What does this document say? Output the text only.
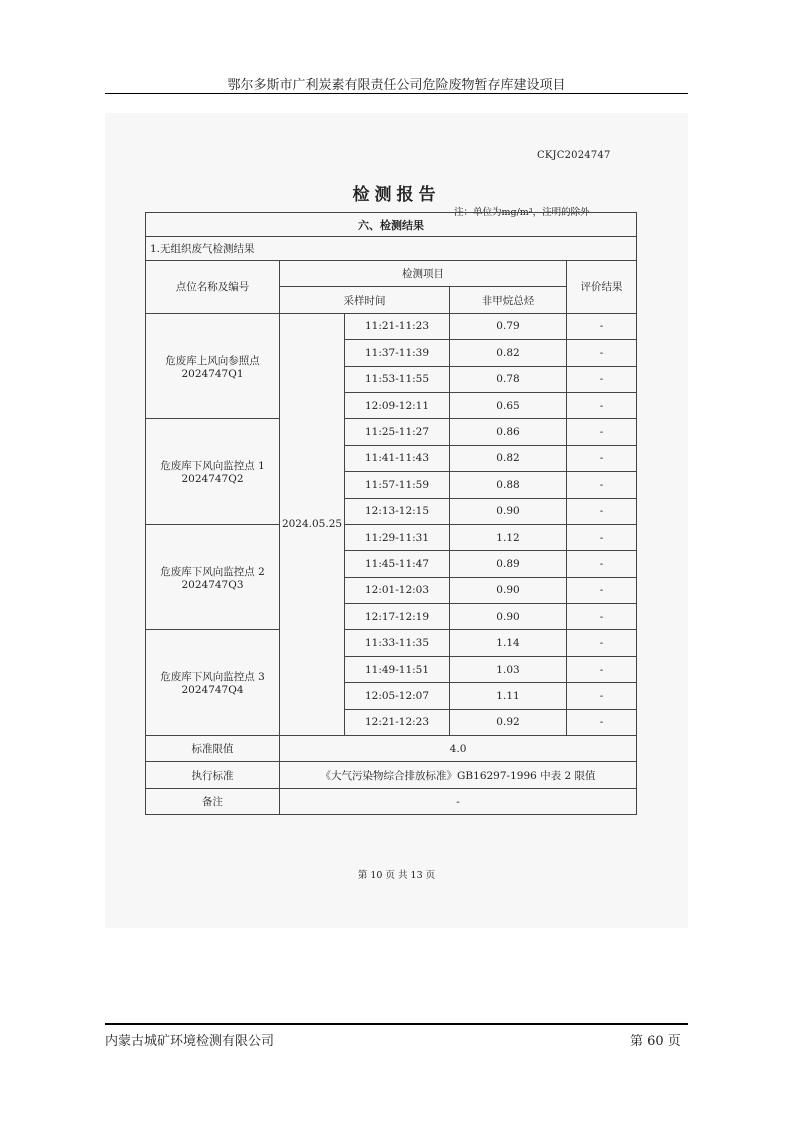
鄂尔多斯市广利炭素有限责任公司危险废物暂存库建设项目
CKJC2024747
检测报告
注：单位为mg/m³，注明的除外
六、检测结果				
1.无组织废气检测结果				
点位名称及编号	检测项目			评价结果
	采样时间		非甲烷总烃	

危废库上风向参照点
2024747Q1	2024.05.25	11:21-11:23	0.79	-
		11:37-11:39	0.82	-
		11:53-11:55	0.78	-
		12:09-12:11	0.65	-

危废库下风向监控点 1
2024747Q2		11:25-11:27	0.86	-
		11:41-11:43	0.82	-
		11:57-11:59	0.88	-
		12:13-12:15	0.90	-

危废库下风向监控点 2
2024747Q3		11:29-11:31	1.12	-
		11:45-11:47	0.89	-
		12:01-12:03	0.90	-
		12:17-12:19	0.90	-

危废库下风向监控点 3
2024747Q4		11:33-11:35	1.14	-
		11:49-11:51	1.03	-
		12:05-12:07	1.11	-
		12:21-12:23	0.92	-
标准限值	4.0			
执行标准	《大气污染物综合排放标准》GB16297-1996 中表 2 限值			
备注	-			
第 10 页 共 13 页
内蒙古城矿环境检测有限公司	第 60 页
